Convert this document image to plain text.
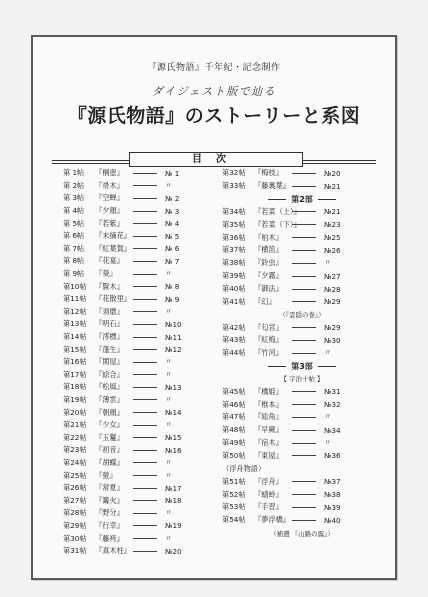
『源氏物語』千年紀・記念制作
ダイジェスト版で辿る
『源氏物語』のストーリーと系図
目次
第 1帖	『桐壺』	№ 1
第 2帖	『帚木』	〃
第 3帖	『空蝉』	№ 2
第 4帖	『夕顔』	№ 3
第 5帖	『若紫』	№ 4
第 6帖	『末摘花』	№ 5
第 7帖	『紅葉賀』	№ 6
第 8帖	『花宴』	№ 7
第 9帖	『葵』	〃
第10帖	『賢木』	№ 8
第11帖	『花散里』	№ 9
第12帖	『須磨』	〃
第13帖	『明石』	№10
第14帖	『澪標』	№11
第15帖	『蓬生』	№12
第16帖	『関屋』	〃
第17帖	『絵合』	〃
第18帖	『松風』	№13
第19帖	『薄雲』	〃
第20帖	『朝顔』	№14
第21帖	『少女』	〃
第22帖	『玉鬘』	№15
第23帖	『初音』	№16
第24帖	『胡蝶』	〃
第25帖	『螢』	〃
第26帖	『常夏』	№17
第27帖	『篝火』	№18
第28帖	『野分』	〃
第29帖	『行幸』	№19
第30帖	『藤袴』	〃
第31帖	『真木柱』	№20
第32帖	『梅枝』	№20
第33帖	『藤裏葉』	№21
第2部
第34帖	『若菜（上）』	№21
第35帖	『若菜（下）』	№23
第36帖	『柏木』	№25
第37帖	『横笛』	№26
第38帖	『鈴虫』	〃
第39帖	『夕霧』	№27
第40帖	『御法』	№28
第41帖	『幻』	№29
（『雲隠の巻』）
第42帖	『匂宮』	№29
第43帖	『紅梅』	№30
第44帖	『竹河』	〃
第3部
【 宇治十帖 】
第45帖	『橋姫』	№31
第46帖	『椎本』	№32
第47帖	『総角』	〃
第48帖	『早蕨』	№34
第49帖	『宿木』	〃
第50帖	『東屋』	№36
（浮舟物語）
第51帖	『浮舟』	№37
第52帖	『蜻蛉』	№38
第53帖	『手習』	№39
第54帖	『夢浮橋』	№40
（補遺 『山路の露』）
